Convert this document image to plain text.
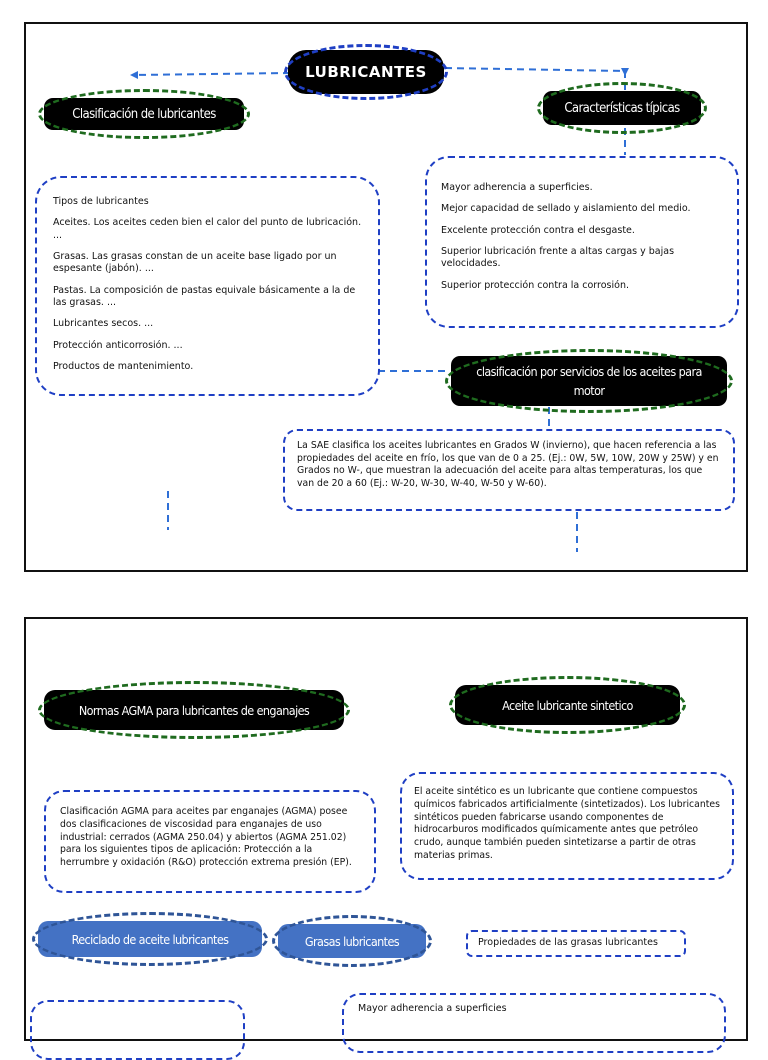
LUBRICANTES
Clasificación de lubricantes	Características típicas

Tipos de lubricantes

Aceites. Los aceites ceden bien el calor del punto de lubricación. ...

Grasas. Las grasas constan de un aceite base ligado por un espesante (jabón). ...

Pastas. La composición de pastas equivale básicamente a la de las grasas. ...

Lubricantes secos. ...

Protección anticorrosión. ...

Productos de mantenimiento.

Mayor adherencia a superficies.

Mejor capacidad de sellado y aislamiento del medio.

Excelente protección contra el desgaste.

Superior lubricación frente a altas cargas y bajas velocidades.

Superior protección contra la corrosión.

clasificación por servicios de los aceites para motor
La SAE clasifica los aceites lubricantes en Grados W (invierno), que hacen referencia a las propiedades del aceite en frío, los que van de 0 a 25. (Ej.: 0W, 5W, 10W, 20W y 25W) y en Grados no W-, que muestran la adecuación del aceite para altas temperaturas, los que van de 20 a 60 (Ej.: W-20, W-30, W-40, W-50 y W-60).
Normas AGMA para lubricantes de enganajes	Aceite lubricante sintetico
Clasificación AGMA para aceites par enganajes (AGMA) posee dos clasificaciones de viscosidad para enganajes de uso industrial: cerrados (AGMA 250.04) y abiertos (AGMA 251.02) para los siguientes tipos de aplicación: Protección a la herrumbre y oxidación (R&O) protección extrema presión (EP).
El aceite sintético es un lubricante que contiene compuestos químicos fabricados artificialmente (sintetizados). Los lubricantes sintéticos pueden fabricarse usando componentes de hidrocarburos modificados químicamente antes que petróleo crudo, aunque también pueden sintetizarse a partir de otras materias primas.
Reciclado de aceite lubricantes	Grasas lubricantes	Propiedades de las grasas lubricantes
Mayor adherencia a superficies
